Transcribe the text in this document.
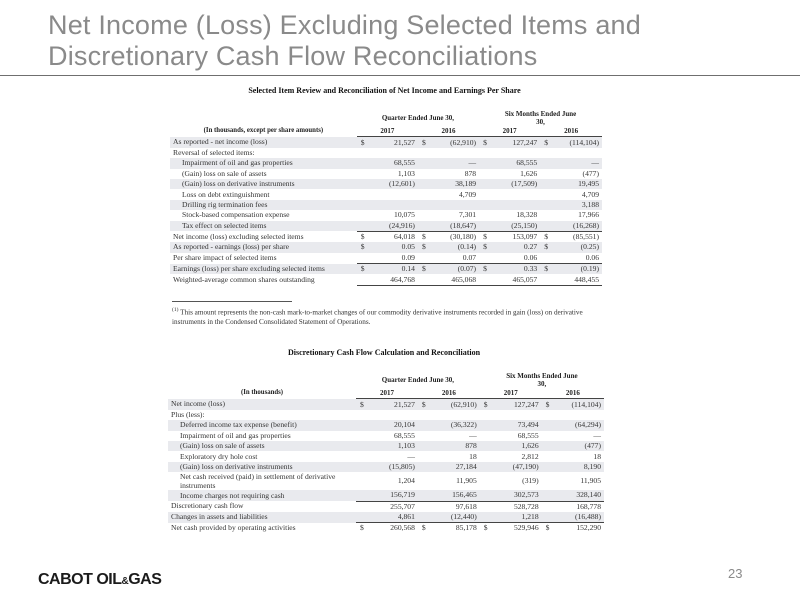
Net Income (Loss) Excluding Selected Items and Discretionary Cash Flow Reconciliations
Selected Item Review and Reconciliation of Net Income and Earnings Per Share
	Quarter Ended June 30,				Six Months Ended June 30,			
(In thousands, except per share amounts)	2017		2016		2017		2016	
As reported - net income (loss)	$	21,527	$	(62,910)	$	127,247	$	(114,104)
Reversal of selected items:								
Impairment of oil and gas properties		68,555		—		68,555		—
(Gain) loss on sale of assets		1,103		878		1,626		(477)
(Gain) loss on derivative instruments		(12,601)		38,189		(17,509)		19,495
Loss on debt extinguishment				4,709				4,709
Drilling rig termination fees								3,188
Stock-based compensation expense		10,075		7,301		18,328		17,966
Tax effect on selected items		(24,916)		(18,647)		(25,150)		(16,268)
Net income (loss) excluding selected items	$	64,018	$	(30,180)	$	153,097	$	(85,551)
As reported - earnings (loss) per share	$	0.05	$	(0.14)	$	0.27	$	(0.25)
Per share impact of selected items		0.09		0.07		0.06		0.06
Earnings (loss) per share excluding selected items	$	0.14	$	(0.07)	$	0.33	$	(0.19)
Weighted-average common shares outstanding		464,768		465,068		465,057		448,455
$^{(1)}$ This amount represents the non-cash mark-to-market changes of our commodity derivative instruments recorded in gain (loss) on derivative instruments in the Condensed Consolidated Statement of Operations.
Discretionary Cash Flow Calculation and Reconciliation
	Quarter Ended June 30,				Six Months Ended June 30,			
(In thousands)	2017		2016		2017		2016	
Net income (loss)	$	21,527	$	(62,910)	$	127,247	$	(114,104)
Plus (less):								
Deferred income tax expense (benefit)		20,104		(36,322)		73,494		(64,294)
Impairment of oil and gas properties		68,555		—		68,555		—
(Gain) loss on sale of assets		1,103		878		1,626		(477)
Exploratory dry hole cost		—		18		2,812		18
(Gain) loss on derivative instruments		(15,805)		27,184		(47,190)		8,190
Net cash received (paid) in settlement of derivative instruments		1,204		11,905		(319)		11,905
Income charges not requiring cash		156,719		156,465		302,573		328,140
Discretionary cash flow		255,707		97,618		528,728		168,778
Changes in assets and liabilities		4,861		(12,440)		1,218		(16,488)
Net cash provided by operating activities	$	260,568	$	85,178	$	529,946	$	152,290
CABOT OIL&GAS	23
